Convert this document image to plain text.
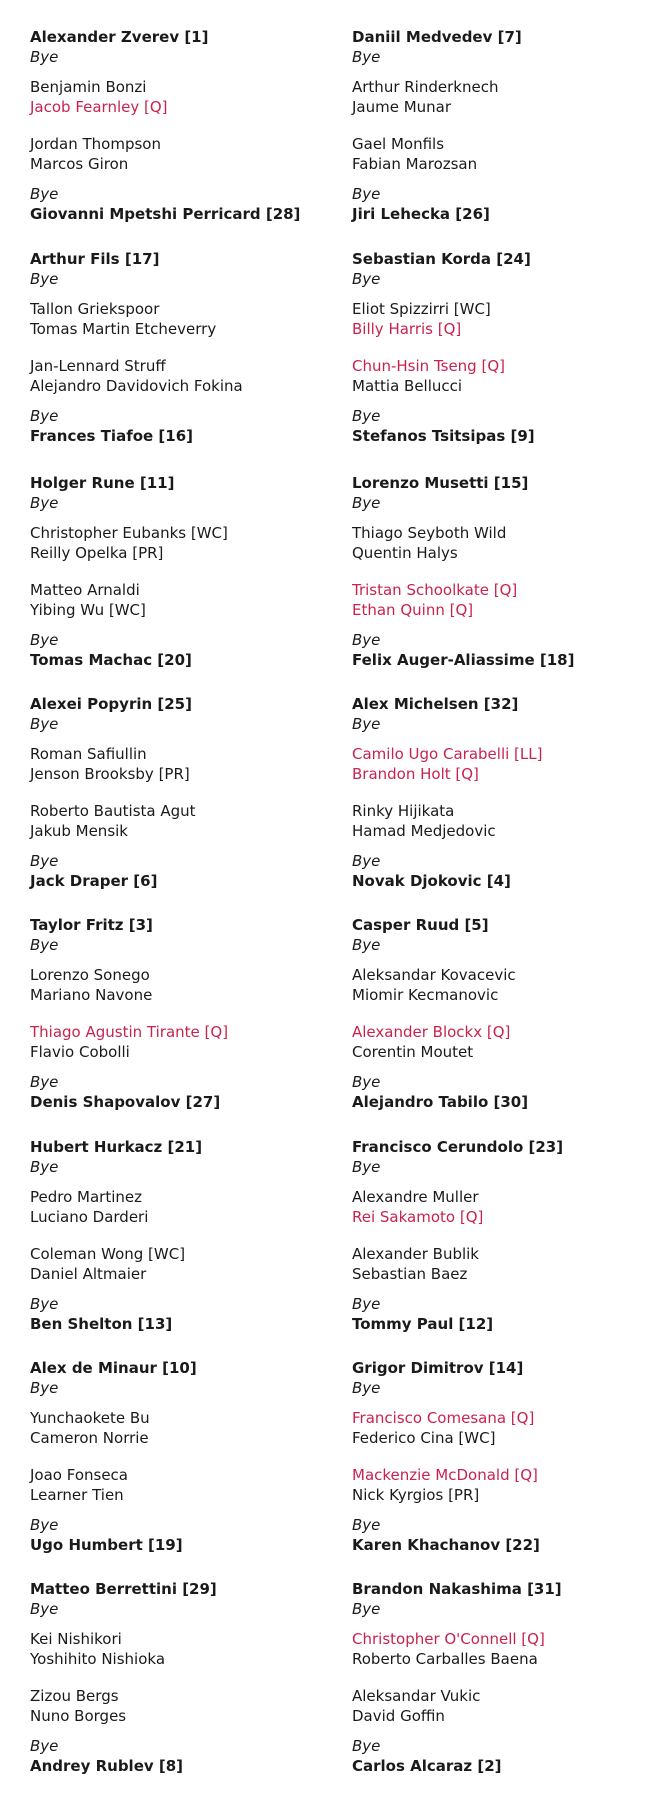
Alexander Zverev [1]
Bye
Benjamin Bonzi
Jacob Fearnley [Q]
Jordan Thompson
Marcos Giron
Bye
Giovanni Mpetshi Perricard [28]
Arthur Fils [17]
Bye
Tallon Griekspoor
Tomas Martin Etcheverry
Jan-Lennard Struff
Alejandro Davidovich Fokina
Bye
Frances Tiafoe [16]
Holger Rune [11]
Bye
Christopher Eubanks [WC]
Reilly Opelka [PR]
Matteo Arnaldi
Yibing Wu [WC]
Bye
Tomas Machac [20]
Alexei Popyrin [25]
Bye
Roman Safiullin
Jenson Brooksby [PR]
Roberto Bautista Agut
Jakub Mensik
Bye
Jack Draper [6]
Taylor Fritz [3]
Bye
Lorenzo Sonego
Mariano Navone
Thiago Agustin Tirante [Q]
Flavio Cobolli
Bye
Denis Shapovalov [27]
Hubert Hurkacz [21]
Bye
Pedro Martinez
Luciano Darderi
Coleman Wong [WC]
Daniel Altmaier
Bye
Ben Shelton [13]
Alex de Minaur [10]
Bye
Yunchaokete Bu
Cameron Norrie
Joao Fonseca
Learner Tien
Bye
Ugo Humbert [19]
Matteo Berrettini [29]
Bye
Kei Nishikori
Yoshihito Nishioka
Zizou Bergs
Nuno Borges
Bye
Andrey Rublev [8]
Daniil Medvedev [7]
Bye
Arthur Rinderknech
Jaume Munar
Gael Monfils
Fabian Marozsan
Bye
Jiri Lehecka [26]
Sebastian Korda [24]
Bye
Eliot Spizzirri [WC]
Billy Harris [Q]
Chun-Hsin Tseng [Q]
Mattia Bellucci
Bye
Stefanos Tsitsipas [9]
Lorenzo Musetti [15]
Bye
Thiago Seyboth Wild
Quentin Halys
Tristan Schoolkate [Q]
Ethan Quinn [Q]
Bye
Felix Auger-Aliassime [18]
Alex Michelsen [32]
Bye
Camilo Ugo Carabelli [LL]
Brandon Holt [Q]
Rinky Hijikata
Hamad Medjedovic
Bye
Novak Djokovic [4]
Casper Ruud [5]
Bye
Aleksandar Kovacevic
Miomir Kecmanovic
Alexander Blockx [Q]
Corentin Moutet
Bye
Alejandro Tabilo [30]
Francisco Cerundolo [23]
Bye
Alexandre Muller
Rei Sakamoto [Q]
Alexander Bublik
Sebastian Baez
Bye
Tommy Paul [12]
Grigor Dimitrov [14]
Bye
Francisco Comesana [Q]
Federico Cina [WC]
Mackenzie McDonald [Q]
Nick Kyrgios [PR]
Bye
Karen Khachanov [22]
Brandon Nakashima [31]
Bye
Christopher O'Connell [Q]
Roberto Carballes Baena
Aleksandar Vukic
David Goffin
Bye
Carlos Alcaraz [2]
